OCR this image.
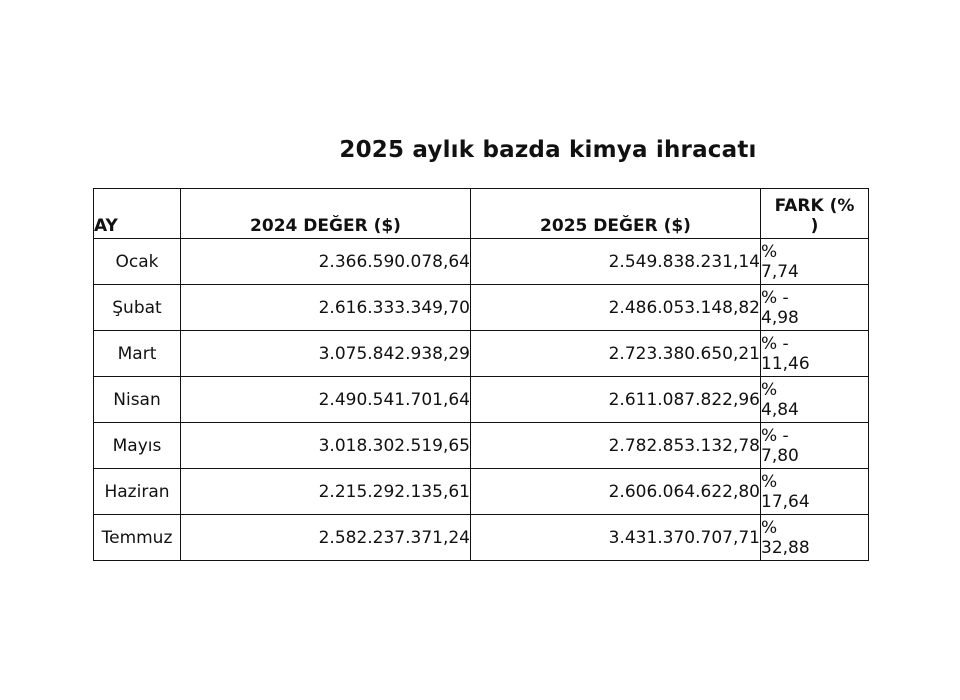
2025 aylık bazda kimya ihracatı
AY	2024 DEĞER ($)	2025 DEĞER ($)	FARK (%
)

Ocak	2.366.590.078,64	2.549.838.231,14	%
7,74

Şubat	2.616.333.349,70	2.486.053.148,82	% -
4,98

Mart	3.075.842.938,29	2.723.380.650,21	% -
11,46

Nisan	2.490.541.701,64	2.611.087.822,96	%
4,84

Mayıs	3.018.302.519,65	2.782.853.132,78	% -
7,80

Haziran	2.215.292.135,61	2.606.064.622,80	%
17,64

Temmuz	2.582.237.371,24	3.431.370.707,71	%
32,88
